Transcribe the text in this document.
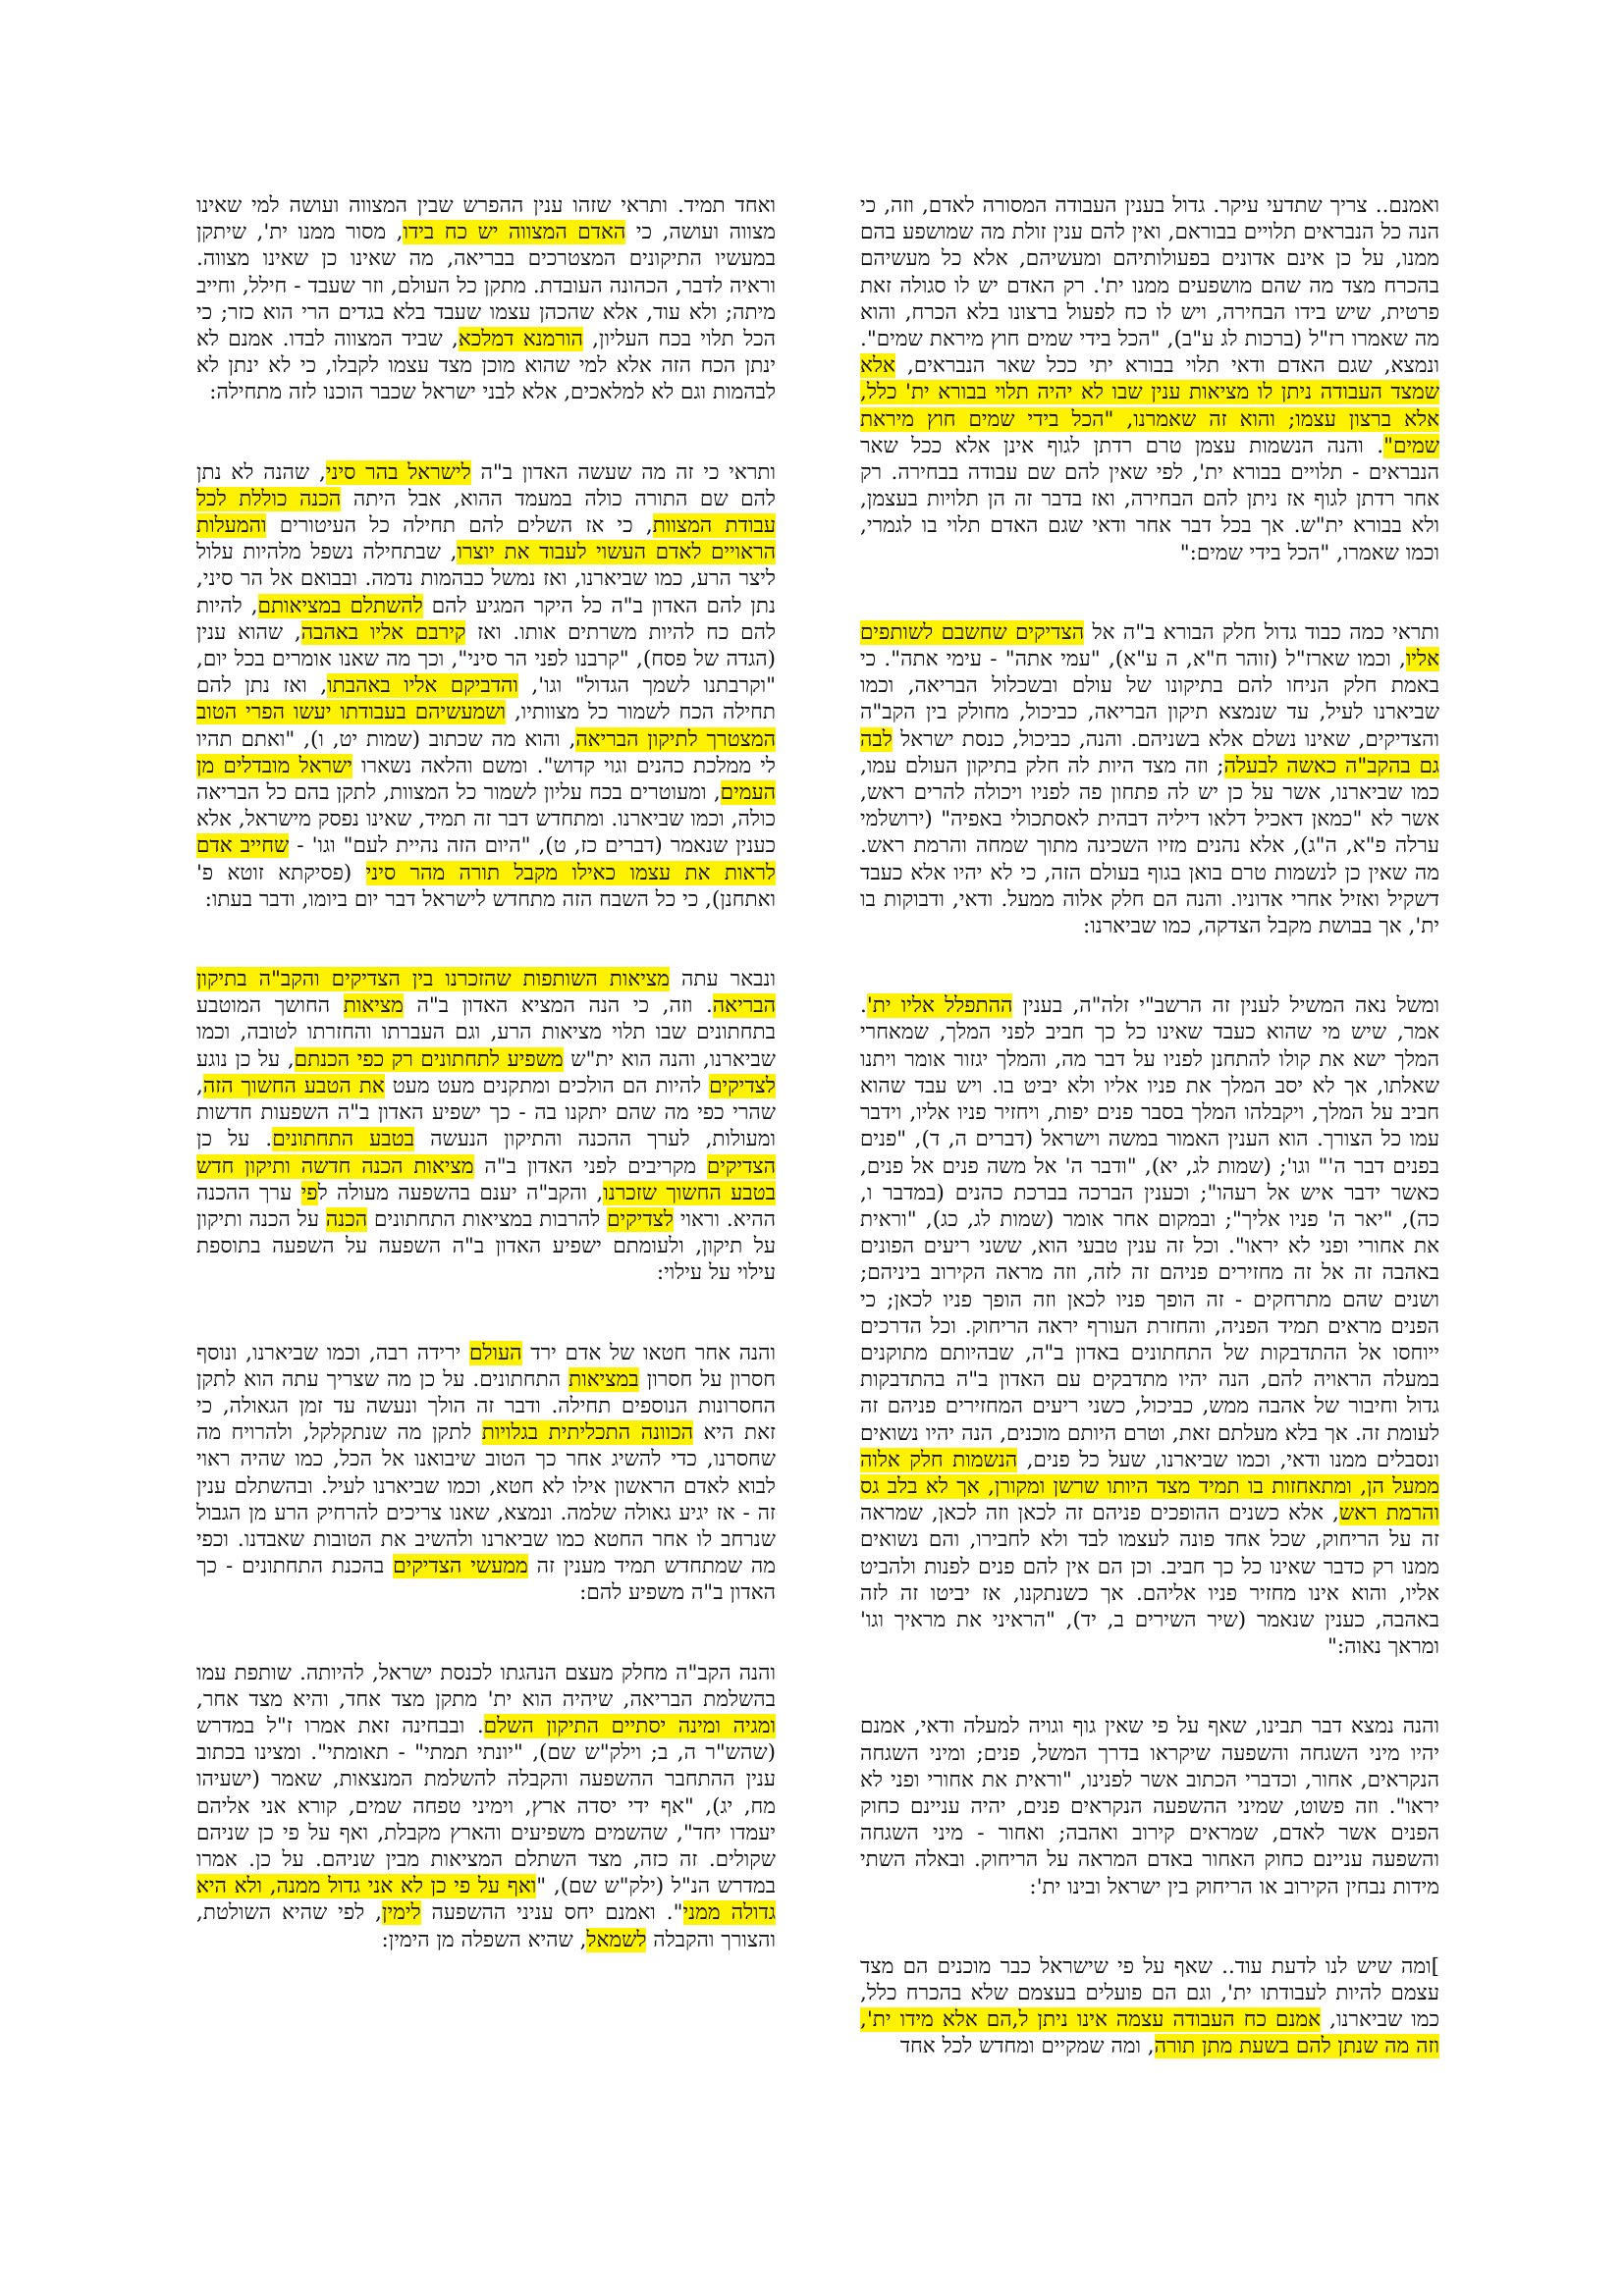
ואמנם.. צריך שתדעי עיקר. גדול בענין העבודה המסורה לאדם, וזה, כי הנה כל הנבראים תלויים בבוראם, ואין להם ענין זולת מה שמושפע בהם ממנו, על כן אינם אדונים בפעולותיהם ומעשיהם, אלא כל מעשיהם בהכרח מצד מה שהם מושפעים ממנו ית'. רק האדם יש לו סגולה זאת פרטית, שיש בידו הבחירה, ויש לו כח לפעול ברצונו בלא הכרח, והוא מה שאמרו רז"ל (ברכות לג ע"ב), "הכל בידי שמים חוץ מיראת שמים". ונמצא, שגם האדם ודאי תלוי בבורא יתי ככל שאר הנבראים, אלא שמצד העבודה ניתן לו מציאות ענין שבו לא יהיה תלוי בבורא ית' כלל, אלא ברצון עצמו; והוא זה שאמרנו, "הכל בידי שמים חוץ מיראת שמים". והנה הנשמות עצמן טרם רדתן לגוף אינן אלא ככל שאר הנבראים - תלויים בבורא ית', לפי שאין להם שם עבודה בבחירה. רק אחר רדתן לגוף אז ניתן להם הבחירה, ואז בדבר זה הן תלויות בעצמן, ולא בבורא ית"ש. אך בכל דבר אחר ודאי שגם האדם תלוי בו לגמרי, וכמו שאמרו, "הכל בידי שמים:"

ותראי כמה כבוד גדול חלק הבורא ב"ה אל הצדיקים שחשבם לשותפים אליו, וכמו שארז"ל (זוהר ח"א, ה ע"א), "עמי אתה" - עימי אתה". כי באמת חלק הניחו להם בתיקונו של עולם ובשכלול הבריאה, וכמו שביארנו לעיל, עד שנמצא תיקון הבריאה, כביכול, מחולק בין הקב"ה והצדיקים, שאינו נשלם אלא בשניהם. והנה, כביכול, כנסת ישראל לבה גם בהקב"ה כאשה לבעלה; וזה מצד היות לה חלק בתיקון העולם עמו, כמו שביארנו, אשר על כן יש לה פתחון פה לפניו ויכולה להרים ראש, אשר לא "כמאן דאכיל דלאו דיליה דבהית לאסתכולי באפיה" (ירושלמי ערלה פ"א, ה"ג), אלא נהנים מזיו השכינה מתוך שמחה והרמת ראש. מה שאין כן לנשמות טרם בואן בגוף בעולם הזה, כי לא יהיו אלא כעבד דשקיל ואזיל אחרי אדוניו. והנה הם חלק אלוה ממעל. ודאי, ודבוקות בו ית', אך בבושת מקבל הצדקה, כמו שביארנו:

ומשל נאה המשיל לענין זה הרשב"י זלה"ה, בענין ההתפלל אליו ית'. אמר, שיש מי שהוא כעבד שאינו כל כך חביב לפני המלך, שמאחרי המלך ישא את קולו להתחנן לפניו על דבר מה, והמלך יגזור אומר ויתנו שאלתו, אך לא יסב המלך את פניו אליו ולא יביט בו. ויש עבד שהוא חביב על המלך, ויקבלהו המלך בסבר פנים יפות, ויחזיר פניו אליו, וידבר עמו כל הצורך. הוא הענין האמור במשה וישראל (דברים ה, ד), "פנים בפנים דבר ה'" וגו'; (שמות לג, יא), "ודבר ה' אל משה פנים אל פנים, כאשר ידבר איש אל רעהו"; וכענין הברכה בברכת כהנים (במדבר ו, כה), "יאר ה' פניו אליך"; ובמקום אחר אומר (שמות לג, כג), "וראית את אחורי ופני לא יראו". וכל זה ענין טבעי הוא, ששני ריעים הפונים באהבה זה אל זה מחזירים פניהם זה לזה, וזה מראה הקירוב ביניהם; ושנים שהם מתרחקים - זה הופך פניו לכאן וזה הופך פניו לכאן; כי הפנים מראים תמיד הפניה, והחזרת העורף יראה הריחוק. וכל הדרכים ייוחסו אל ההתדבקות של התחתונים באדון ב"ה, שבהיותם מתוקנים במעלה הראויה להם, הנה יהיו מתדבקים עם האדון ב"ה בהתדבקות גדול וחיבור של אהבה ממש, כביכול, כשני ריעים המחזירים פניהם זה לעומת זה. אך בלא מעלתם זאת, וטרם היותם מוכנים, הנה יהיו נשואים ונסבלים ממנו ודאי, וכמו שביארנו, שעל כל פנים, הנשמות חלק אלוה ממעל הן, ומתאחזות בו תמיד מצד היותו שרשן ומקורן, אך לא בלב גס והרמת ראש, אלא כשנים ההופכים פניהם זה לכאן וזה לכאן, שמראה זה על הריחוק, שכל אחד פונה לעצמו לבד ולא לחבירו, והם נשואים ממנו רק כדבר שאינו כל כך חביב. וכן הם אין להם פנים לפנות ולהביט אליו, והוא אינו מחזיר פניו אליהם. אך כשנתקנו, אז יביטו זה לזה באהבה, כענין שנאמר (שיר השירים ב, יד), "הראיני את מראיך וגו' ומראך נאוה:"

והנה נמצא דבר תבינו, שאף על פי שאין גוף וגויה למעלה ודאי, אמנם יהיו מיני השגחה והשפעה שיקראו בדרך המשל, פנים; ומיני השגחה הנקראים, אחור, וכדברי הכתוב אשר לפנינו, "וראית את אחורי ופני לא יראו". וזה פשוט, שמיני ההשפעה הנקראים פנים, יהיה עניינם כחוק הפנים אשר לאדם, שמראים קירוב ואהבה; ואחור - מיני השגחה והשפעה עניינם כחוק האחור באדם המראה על הריחוק. ובאלה השתי מידות נבחין הקירוב או הריחוק בין ישראל ובינו ית':

]ומה שיש לנו לדעת עוד.. שאף על פי שישראל כבר מוכנים הם מצד עצמם להיות לעבודתו ית', וגם הם פועלים בעצמם שלא בהכרח כלל, כמו שביארנו, אמנם כח העבודה עצמה אינו ניתן ל,הם אלא מידו ית', וזה מה שנתן להם בשעת מתן תורה, ומה שמקיים ומחדש לכל אחד

ואחד תמיד. ותראי שזהו ענין ההפרש שבין המצווה ועושה למי שאינו מצווה ועושה, כי האדם המצווה יש כח בידו, מסור ממנו ית', שיתקן במעשיו התיקונים המצטרכים בבריאה, מה שאינו כן שאינו מצווה. וראיה לדבר, הכהונה העובדת. מתקן כל העולם, וזר שעבד - חילל, וחייב מיתה; ולא עוד, אלא שהכהן עצמו שעבד בלא בגדים הרי הוא כזר; כי הכל תלוי בכח העליון, הורמנא דמלכא, שביד המצווה לבדו. אמנם לא ינתן הכח הזה אלא למי שהוא מוכן מצד עצמו לקבלו, כי לא ינתן לא לבהמות וגם לא למלאכים, אלא לבני ישראל שכבר הוכנו לזה מתחילה:

ותראי כי זה מה שעשה האדון ב"ה לישראל בהר סיני, שהנה לא נתן להם שם התורה כולה במעמד ההוא, אבל היתה הכנה כוללת לכל עבודת המצוות, כי אז השלים להם תחילה כל העיטורים והמעלות הראויים לאדם העשוי לעבוד את יוצרו, שבתחילה נשפל מלהיות עלול ליצר הרע, כמו שביארנו, ואז נמשל כבהמות נדמה. ובבואם אל הר סיני, נתן להם האדון ב"ה כל היקר המגיע להם להשתלם במציאותם, להיות להם כח להיות משרתים אותו. ואז קירבם אליו באהבה, שהוא ענין (הגדה של פסח), "קרבנו לפני הר סיני", וכך מה שאנו אומרים בכל יום, "וקרבתנו לשמך הגדול" וגו', והדביקם אליו באהבתו, ואז נתן להם תחילה הכח לשמור כל מצוותיו, ושמעשיהם בעבודתו יעשו הפרי הטוב המצטרך לתיקון הבריאה, והוא מה שכתוב (שמות יט, ו), "ואתם תהיו לי ממלכת כהנים וגוי קדוש". ומשם והלאה נשארו ישראל מובדלים מן העמים, ומעוטרים בכח עליון לשמור כל המצוות, לתקן בהם כל הבריאה כולה, וכמו שביארנו. ומתחדש דבר זה תמיד, שאינו נפסק מישראל, אלא כענין שנאמר (דברים כז, ט), "היום הזה נהיית לעם" וגו' - שחייב אדם לראות את עצמו כאילו מקבל תורה מהר סיני (פסיקתא זוטא פ' ואתחנן), כי כל השבח הזה מתחדש לישראל דבר יום ביומו, ודבר בעתו:

ונבאר עתה מציאות השותפות שהזכרנו בין הצדיקים והקב"ה בתיקון הבריאה. וזה, כי הנה המציא האדון ב"ה מציאות החושך המוטבע בתחתונים שבו תלוי מציאות הרע, וגם העברתו והחזרתו לטובה, וכמו שביארנו, והנה הוא ית"ש משפיע לתחתונים רק כפי הכנתם, על כן נוגע לצדיקים להיות הם הולכים ומתקנים מעט מעט את הטבע החשוך הזה, שהרי כפי מה שהם יתקנו בה - כך ישפיע האדון ב"ה השפעות חדשות ומעולות, לערך ההכנה והתיקון הנעשה בטבע התחתונים. על כן הצדיקים מקריבים לפני האדון ב"ה מציאות הכנה חדשה ותיקון חדש בטבע החשוך שזכרנו, והקב"ה יענם בהשפעה מעולה לפי ערך ההכנה ההיא. וראוי לצדיקים להרבות במציאות התחתונים הכנה על הכנה ותיקון על תיקון, ולעומתם ישפיע האדון ב"ה השפעה על השפעה בתוספת עילוי על עילוי:

והנה אחר חטאו של אדם ירד העולם ירידה רבה, וכמו שביארנו, ונוסף חסרון על חסרון במציאות התחתונים. על כן מה שצריך עתה הוא לתקן החסרונות הנוספים תחילה. ודבר זה הולך ונעשה עד זמן הגאולה, כי זאת היא הכוונה התכליתית בגלויות לתקן מה שנתקלקל, ולהרויח מה שחסרנו, כדי להשיג אחר כך הטוב שיבואנו אל הכל, כמו שהיה ראוי לבוא לאדם הראשון אילו לא חטא, וכמו שביארנו לעיל. ובהשתלם ענין זה - אז יגיע גאולה שלמה. ונמצא, שאנו צריכים להרחיק הרע מן הגבול שנרחב לו אחר החטא כמו שביארנו ולהשיב את הטובות שאבדנו. וכפי מה שמתחדש תמיד מענין זה ממעשי הצדיקים בהכנת התחתונים - כך האדון ב"ה משפיע להם:

והנה הקב"ה מחלק מעצם הנהגתו לכנסת ישראל, להיותה. שותפת עמו בהשלמת הבריאה, שיהיה הוא ית' מתקן מצד אחד, והיא מצד אחר, ומגיה ומינה יסתיים התיקון השלם. ובבחינה זאת אמרו ז"ל במדרש (שהש"ר ה, ב; וילק"ש שם), "יונתי תמתי" - תאומתי". ומצינו בכתוב ענין ההתחבר ההשפעה והקבלה להשלמת המנצאות, שאמר (ישעיהו מח, יג), "אף ידי יסדה ארץ, וימיני טפחה שמים, קורא אני אליהם יעמדו יחד", שהשמים משפיעים והארץ מקבלת, ואף על פי כן שניהם שקולים. זה כזה, מצד השתלם המציאות מבין שניהם. על כן. אמרו במדרש הנ"ל (ילק"ש שם), "ואף על פי כן לא אני גדול ממנה, ולא היא גדולה ממני". ואמנם יחס עניני ההשפעה לימין, לפי שהיא השולטת, והצורך והקבלה לשמאל, שהיא השפלה מן הימין:
